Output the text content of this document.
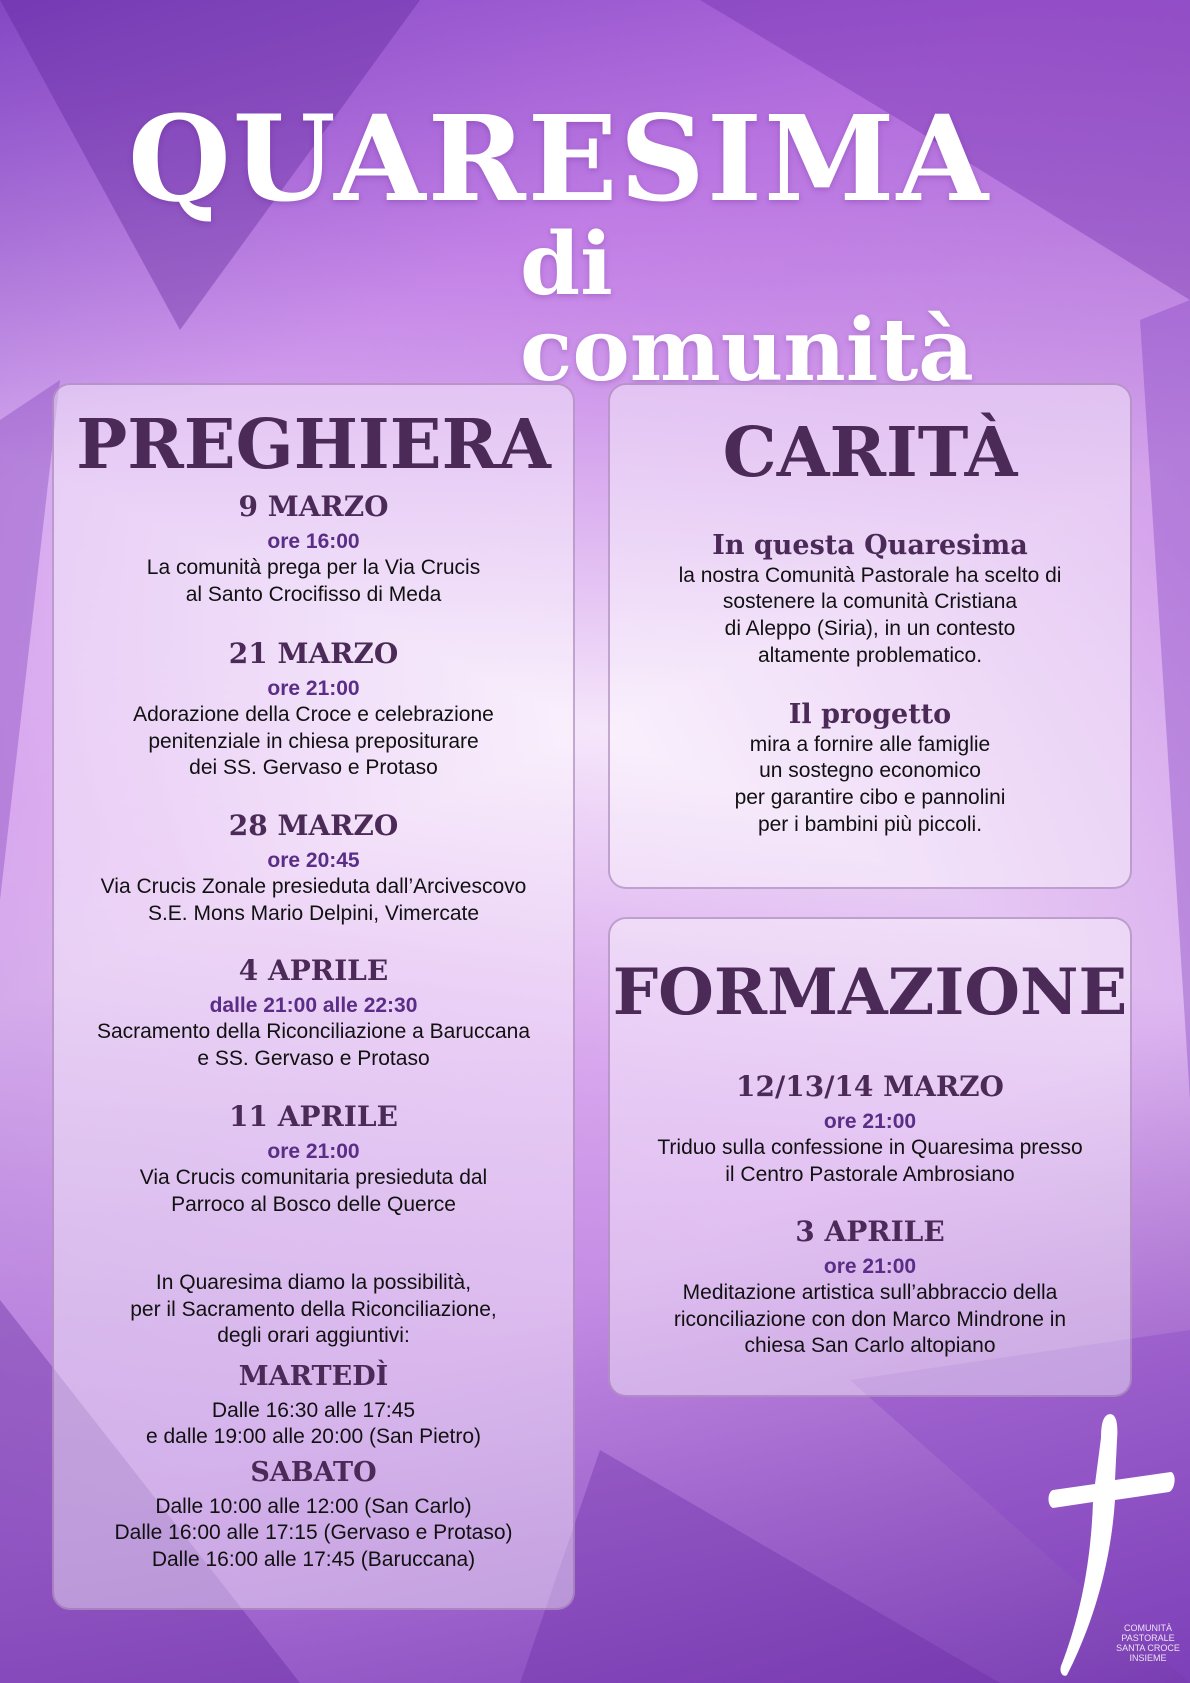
QUARESIMA
di comunità
PREGHIERA
9 MARZO
ore 16:00
La comunità prega per la Via Crucis
al Santo Crocifisso di Meda
21 MARZO
ore 21:00
Adorazione della Croce e celebrazione
penitenziale in chiesa prepositurare
dei SS. Gervaso e Protaso
28 MARZO
ore 20:45
Via Crucis Zonale presieduta dall’Arcivescovo
S.E. Mons Mario Delpini, Vimercate
4 APRILE
dalle 21:00 alle 22:30
Sacramento della Riconciliazione a Baruccana
e SS. Gervaso e Protaso
11 APRILE
ore 21:00
Via Crucis comunitaria presieduta dal
Parroco al Bosco delle Querce
In Quaresima diamo la possibilità,
per il Sacramento della Riconciliazione,
degli orari aggiuntivi:
MARTEDÌ
Dalle 16:30 alle 17:45
e dalle 19:00 alle 20:00 (San Pietro)
SABATO
Dalle 10:00 alle 12:00 (San Carlo)
Dalle 16:00 alle 17:15 (Gervaso e Protaso)
Dalle 16:00 alle 17:45 (Baruccana)
CARITÀ
In questa Quaresima
la nostra Comunità Pastorale ha scelto di
sostenere la comunità Cristiana
di Aleppo (Siria), in un contesto
altamente problematico.
Il progetto
mira a fornire alle famiglie
un sostegno economico
per garantire cibo e pannolini
per i bambini più piccoli.
FORMAZIONE
12/13/14 MARZO
ore 21:00
Triduo sulla confessione in Quaresima presso
il Centro Pastorale Ambrosiano
3 APRILE
ore 21:00
Meditazione artistica sull’abbraccio della
riconciliazione con don Marco Mindrone in
chiesa San Carlo altopiano
COMUNITÀ
PASTORALE
SANTA CROCE
INSIEME
